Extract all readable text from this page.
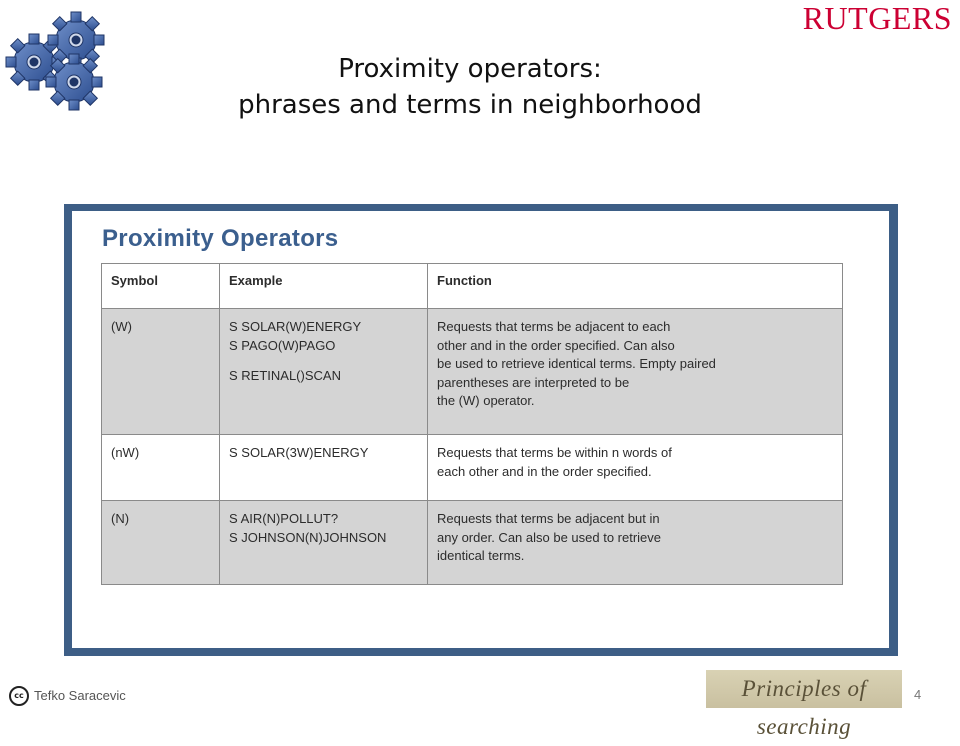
RUTGERS
Proximity operators:
phrases and terms in neighborhood
Proximity Operators
Symbol	Example	Function

(W)	S SOLAR(W)ENERGY
S PAGO(W)PAGO
S RETINAL()SCAN	Requests that terms be adjacent to each
other and in the order specified. Can also
be used to retrieve identical terms. Empty paired
parentheses are interpreted to be
the (W) operator.

(nW)	S SOLAR(3W)ENERGY	Requests that terms be within n words of
each other and in the order specified.

(N)	S AIR(N)POLLUT?
S JOHNSON(N)JOHNSON	Requests that terms be adjacent but in
any order. Can also be used to retrieve
identical terms.
cc Tefko Saracevic	Principles of searching
4
